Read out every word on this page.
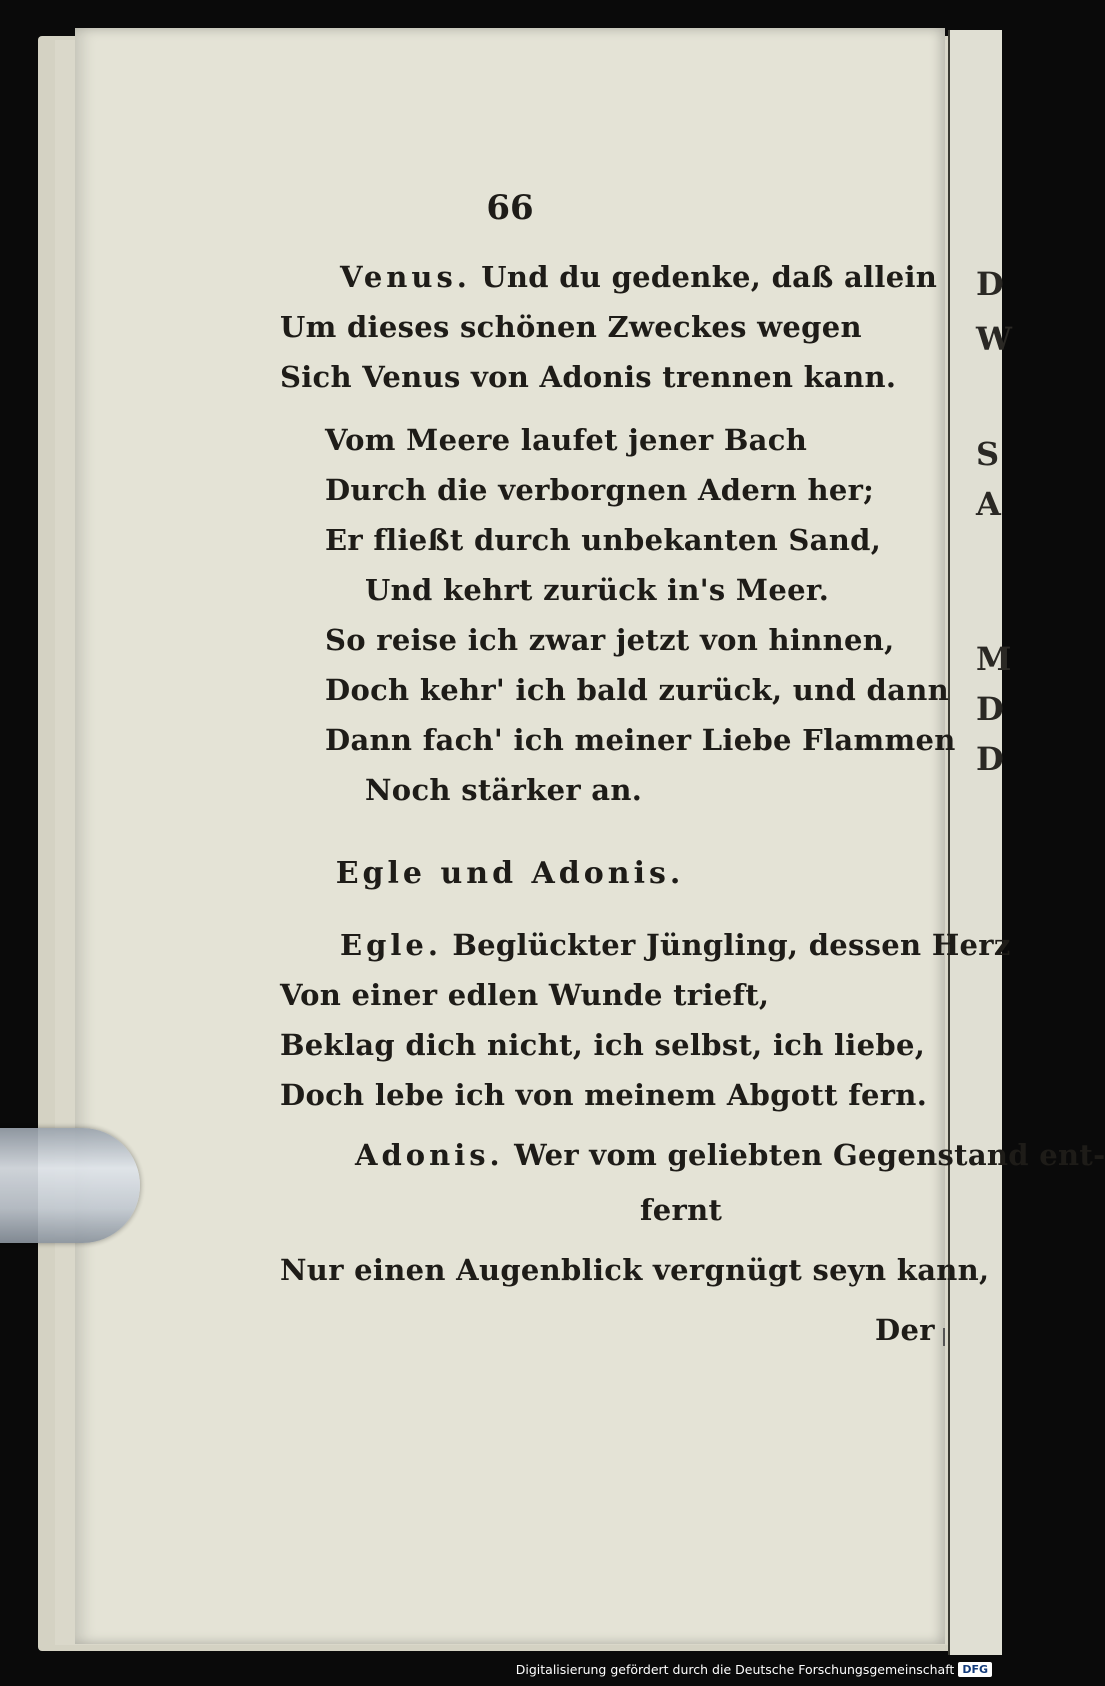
D
W
S
A
M
D
D
66
Venus. Und du gedenke, daß allein
Um dieses schönen Zweckes wegen
Sich Venus von Adonis trennen kann.
Vom Meere laufet jener Bach
Durch die verborgnen Adern her;
Er fließt durch unbekanten Sand,
Und kehrt zurück in's Meer.
So reise ich zwar jetzt von hinnen,
Doch kehr' ich bald zurück, und dann
Dann fach' ich meiner Liebe Flammen
Noch stärker an.
Egle und Adonis.
Egle. Beglückter Jüngling, dessen Herz
Von einer edlen Wunde trieft,
Beklag dich nicht, ich selbst, ich liebe,
Doch lebe ich von meinem Abgott fern.
Adonis. Wer vom geliebten Gegenstand ent-
fernt
Nur einen Augenblick vergnügt seyn kann,
Der
Digitalisierung gefördert durch die Deutsche Forschungsgemeinschaft DFG
